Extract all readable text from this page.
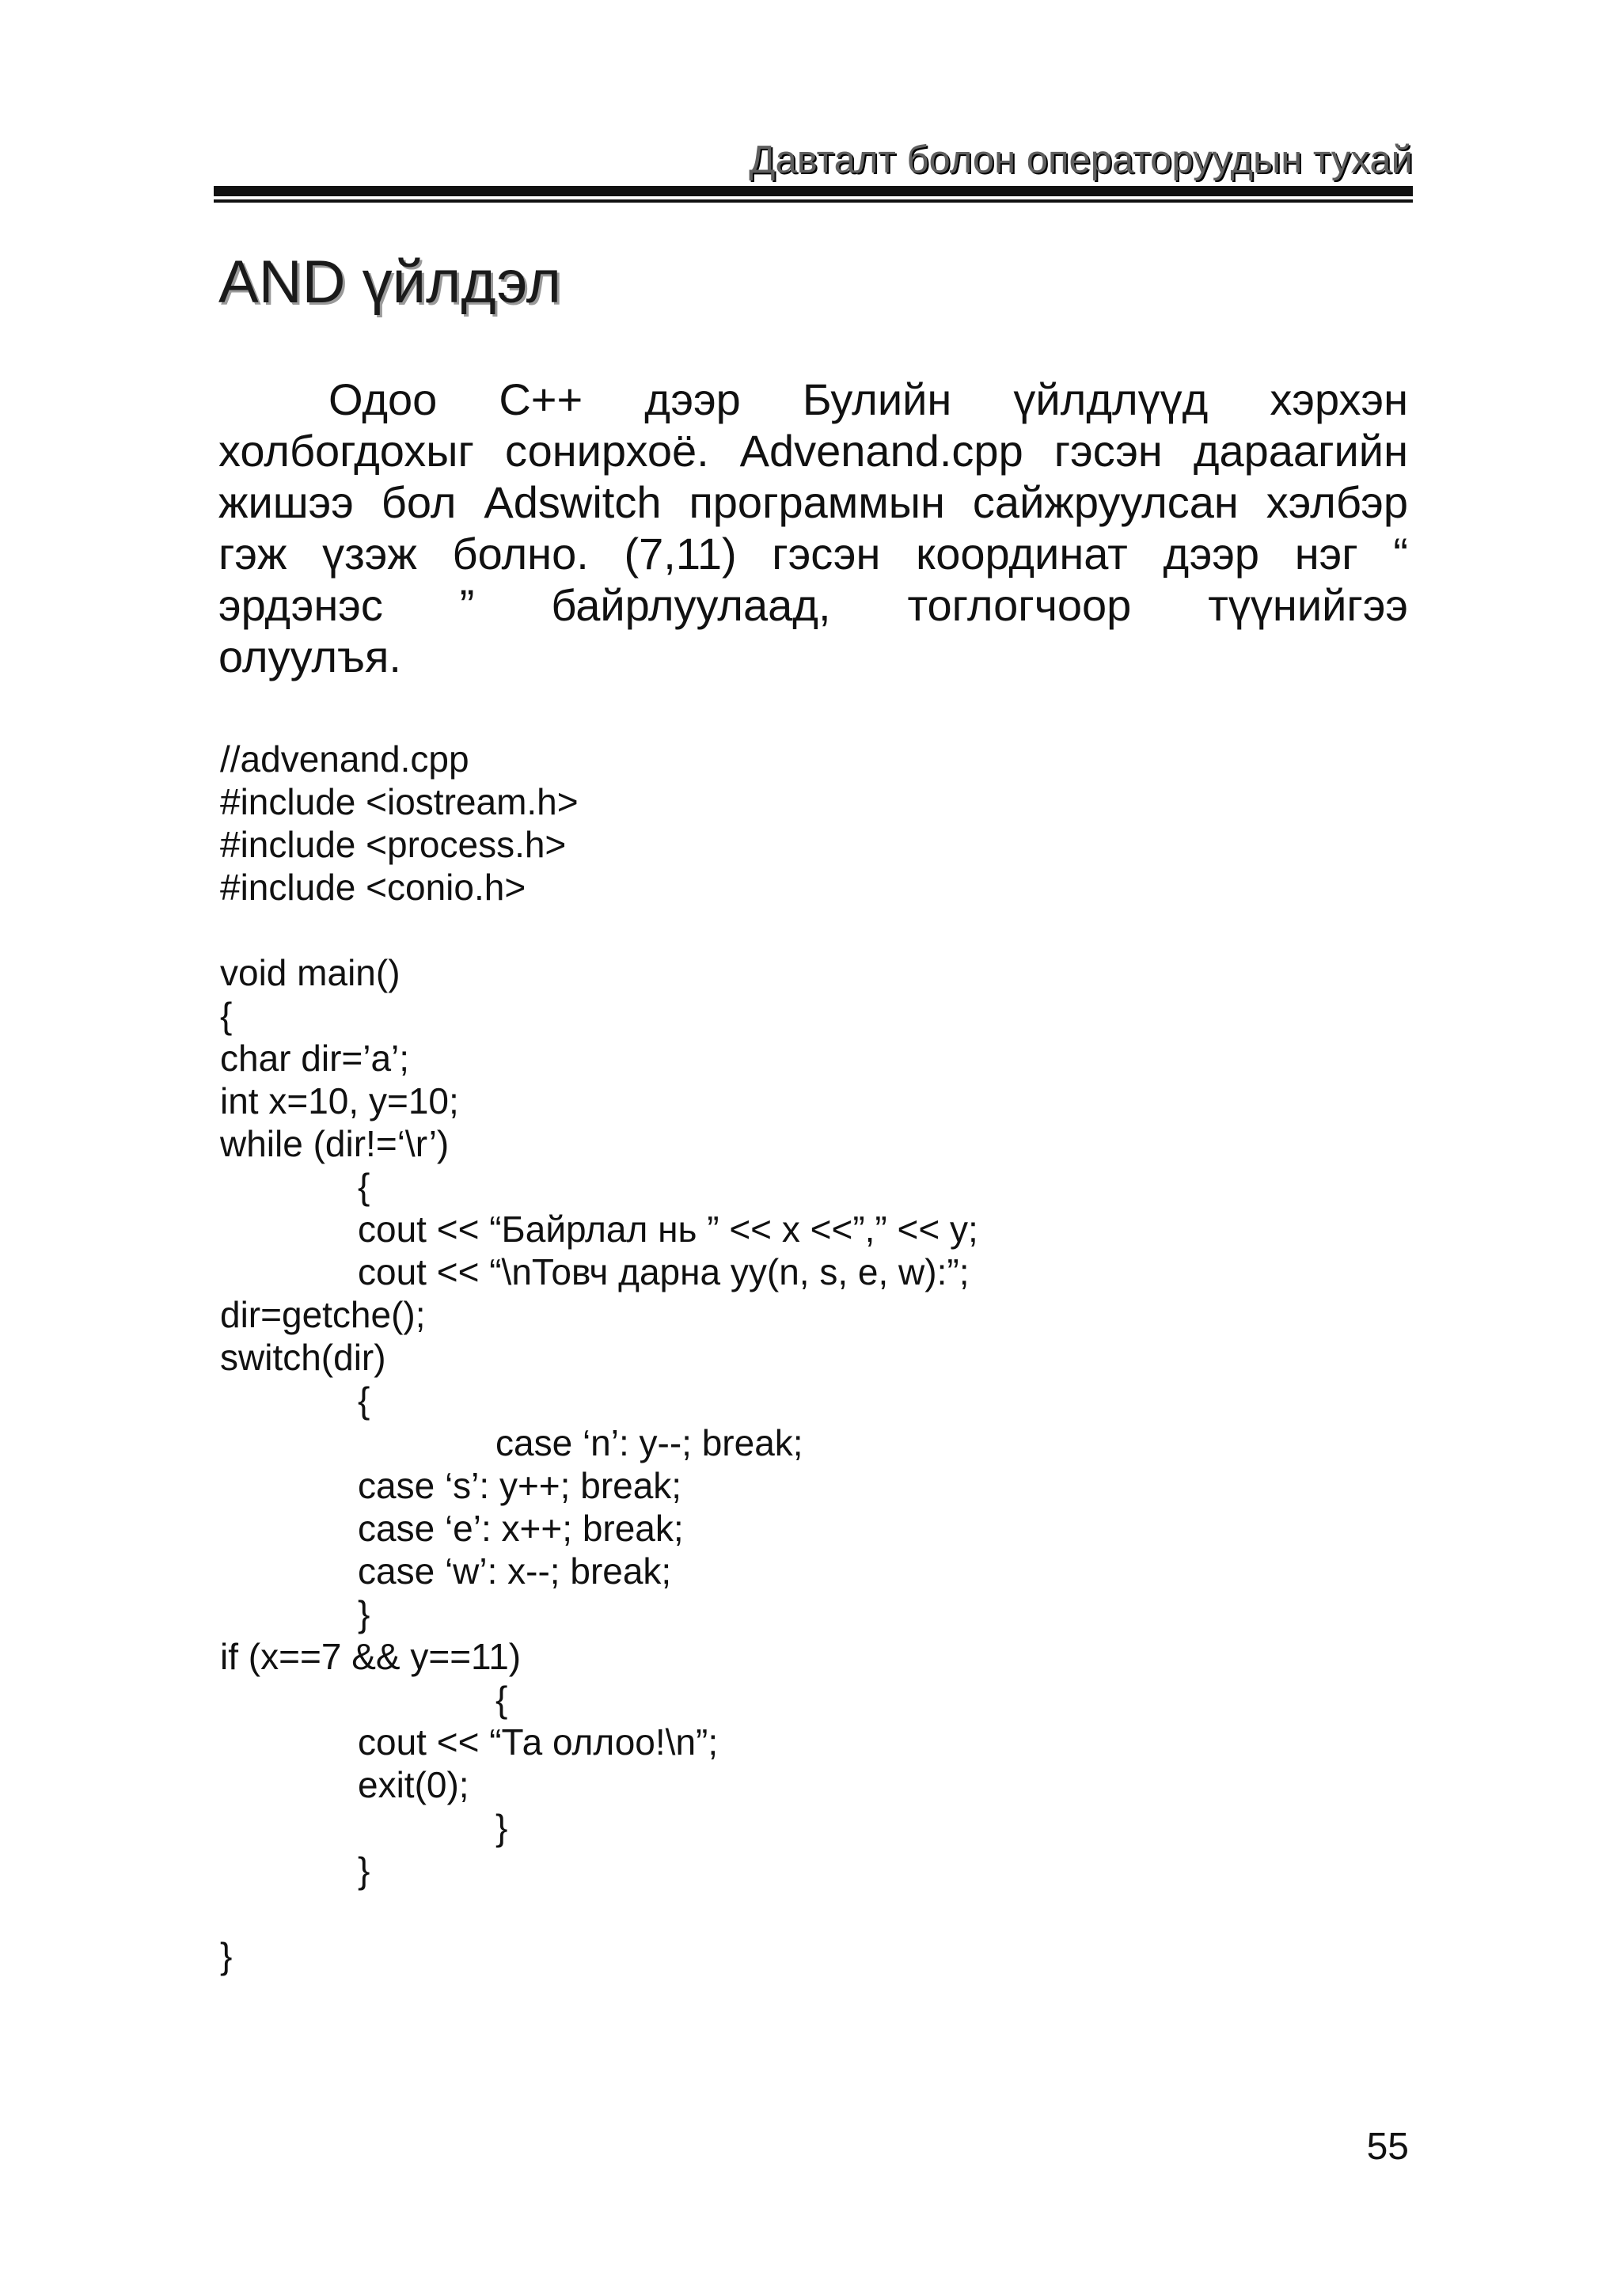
Давталт болон операторуудын тухай
AND үйлдэл
Одоо C++ дээр Булийн үйлдлүүд хэрхэн
холбогдохыг сонирхоё. Advenand.cpp гэсэн дараагийн
жишээ бол Adswitch программын сайжруулсан хэлбэр
гэж үзэж болно. (7,11) гэсэн координат дээр нэг “
эрдэнэс ” байрлуулаад, тоглогчоор түүнийгээ
олуулъя.
//advenand.cpp
#include <iostream.h>
#include <process.h>
#include <conio.h>
void main()
{
char dir=’a’;
int x=10, y=10;
while (dir!=‘\r’)
{
cout << “Байрлал нь ” << x <<”,” << y;
cout << “\nТовч дарна уу(n, s, e, w):”;
dir=getche();
switch(dir)
{
case ‘n’: y--; break;
case ‘s’: y++; break;
case ‘e’: x++; break;
case ‘w’: x--; break;
}
if (x==7 && y==11)
{
cout << “Та оллоо!\n”;
exit(0);
}
}
}
55
